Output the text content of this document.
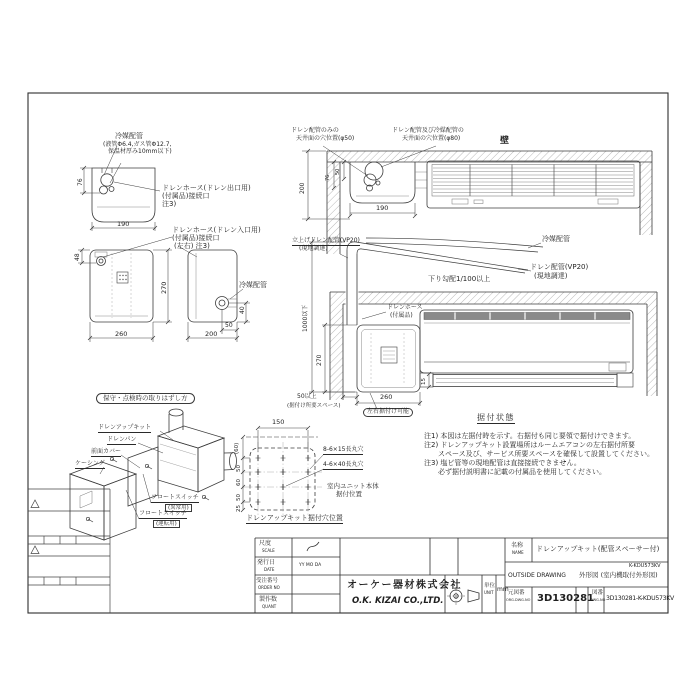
冷媒配管
(液管Φ6.4,ガス管Φ12.7,
保温材厚み10mm以下)
76
ドレンホース(ドレン出口用)
(付属品)接続口
注3)
190
ドレンホース(ドレン入口用)
(付属品)接続口
(左右) 注3)
48
270
260
冷媒配管
40
50
200
保守・点検時の取りはずし方
ドレンアップキット
ドレンパン
前面カバー
ケーシング
フロートスイッチ
(異常用)
フロートスイッチ
(運転用)
150
(60)
50
60
50
25
8-6×15長丸穴
4-6×40長丸穴
室内ユニット本体
据付位置
ドレンアップキット据付穴位置
ドレン配管のみの
天井面の穴位置(φ50)
ドレン配管及び冷媒配管の
天井面の穴位置(φ80)	壁
200
76
50
190
立上げドレン配管(VP20)
(現地調達)
冷媒配管
ドレン配管(VP20)
(現地調達)
下り勾配1/100以上
ドレンホース
(付属品)
1000以下
270
50以上
(据付け所要スペース)
260
左右据付け可能
15
据付状態
注1) 本図は左据付時を示す。右据付も同じ要領で据付けできます。
注2) ドレンアップキット設置場所はルームエアコンの左右据付所要
スペース及び、サービス所要スペースを確保して設置してください。
注3) 塩ビ管等の現地配管は直接接続できません。
必ず据付説明書に記載の付属品を使用してください。
尺度
SCALE
発行日
DATE
YY MO DA
受注番号
ORDER NO
製作数
QUANT
オーケー器材株式会社
O.K. KIZAI CO.,LTD.
単位
UNIT mm
名称
NAME ドレンアップキット(配管スペーサー付)
K-KDU573KV
OUTSIDE DRAWING 外形図 (室内機取付外形図)
元図番
ORG.DWG.NO 3D130281
図番
DWG.NO 3D130281-K-KDU573KV
